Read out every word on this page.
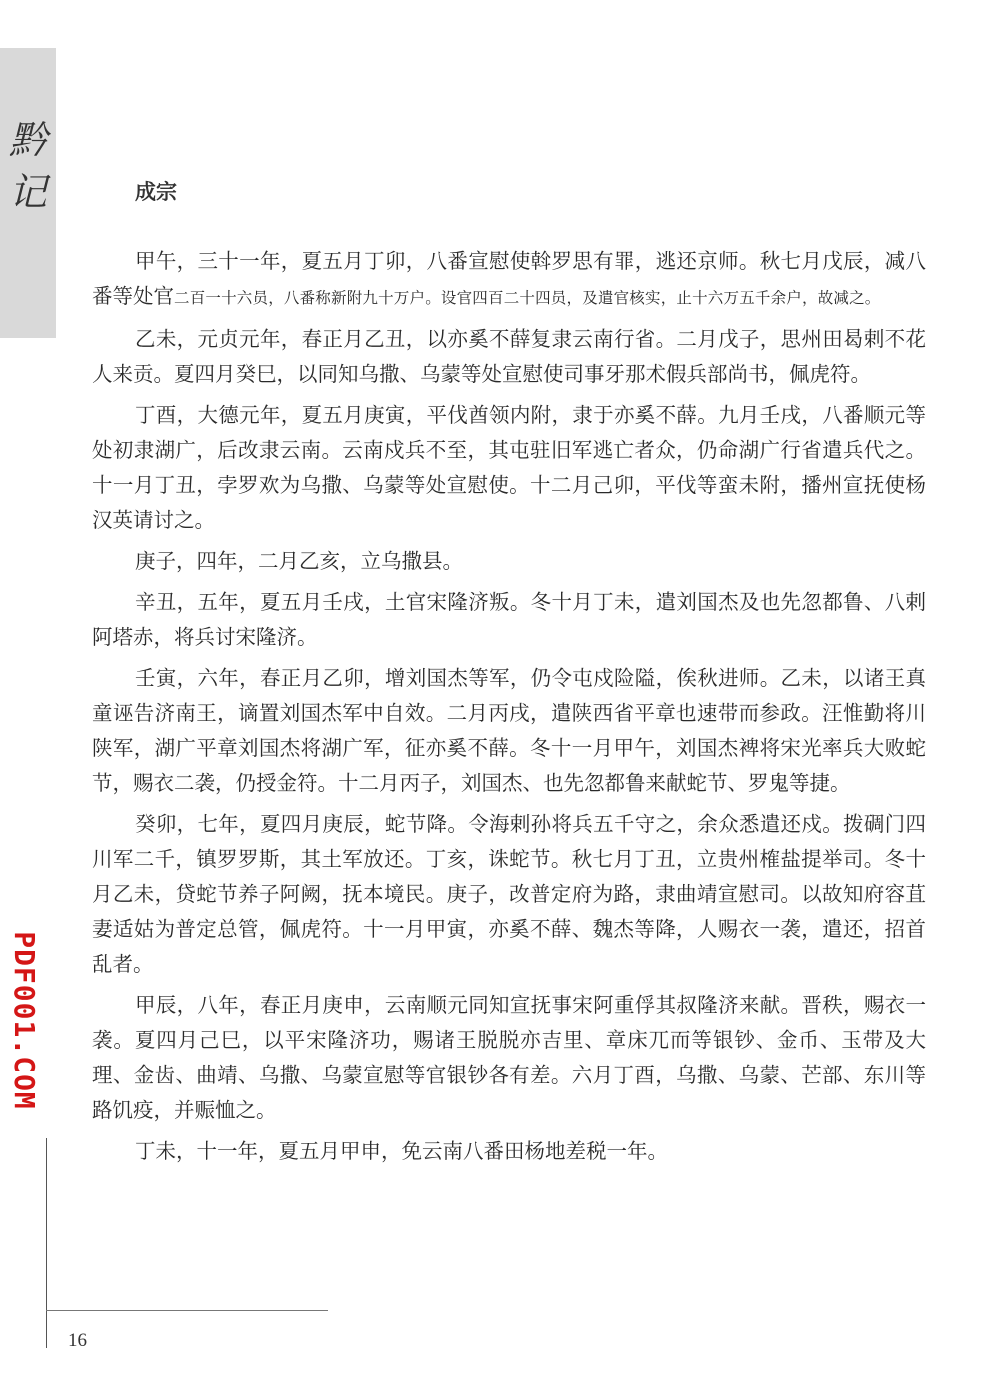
黔记
PDF001.COM
成宗

甲午，三十一年，夏五月丁卯，八番宣慰使斡罗思有罪，逃还京师。秋七月戊辰，减八番等处官二百一十六员，八番称新附九十万户。设官四百二十四员，及遣官核实，止十六万五千余户，故减之。

乙未，元贞元年，春正月乙丑，以亦奚不薛复隶云南行省。二月戊子，思州田曷剌不花人来贡。夏四月癸巳，以同知乌撒、乌蒙等处宣慰使司事牙那术假兵部尚书，佩虎符。

丁酉，大德元年，夏五月庚寅，平伐酋领内附，隶于亦奚不薛。九月壬戌，八番顺元等处初隶湖广，后改隶云南。云南戍兵不至，其屯驻旧军逃亡者众，仍命湖广行省遣兵代之。十一月丁丑，孛罗欢为乌撒、乌蒙等处宣慰使。十二月己卯，平伐等蛮未附，播州宣抚使杨汉英请讨之。

庚子，四年，二月乙亥，立乌撒县。

辛丑，五年，夏五月壬戌，土官宋隆济叛。冬十月丁未，遣刘国杰及也先忽都鲁、八剌阿塔赤，将兵讨宋隆济。

壬寅，六年，春正月乙卯，增刘国杰等军，仍令屯戍险隘，俟秋进师。乙未，以诸王真童诬告济南王，谪置刘国杰军中自效。二月丙戌，遣陕西省平章也速带而参政。汪惟勤将川陕军，湖广平章刘国杰将湖广军，征亦奚不薛。冬十一月甲午，刘国杰裨将宋光率兵大败蛇节，赐衣二袭，仍授金符。十二月丙子，刘国杰、也先忽都鲁来献蛇节、罗鬼等捷。

癸卯，七年，夏四月庚辰，蛇节降。令海剌孙将兵五千守之，余众悉遣还戍。拨碉门四川军二千，镇罗罗斯，其土军放还。丁亥，诛蛇节。秋七月丁丑，立贵州榷盐提举司。冬十月乙未，贷蛇节养子阿阙，抚本境民。庚子，改普定府为路，隶曲靖宣慰司。以故知府容苴妻适姑为普定总管，佩虎符。十一月甲寅，亦奚不薛、魏杰等降，人赐衣一袭，遣还，招首乱者。

甲辰，八年，春正月庚申，云南顺元同知宣抚事宋阿重俘其叔隆济来献。晋秩，赐衣一袭。夏四月己巳，以平宋隆济功，赐诸王脱脱亦吉里、章床兀而等银钞、金币、玉带及大理、金齿、曲靖、乌撒、乌蒙宣慰等官银钞各有差。六月丁酉，乌撒、乌蒙、芒部、东川等路饥疫，并赈恤之。

丁未，十一年，夏五月甲申，免云南八番田杨地差税一年。

16
